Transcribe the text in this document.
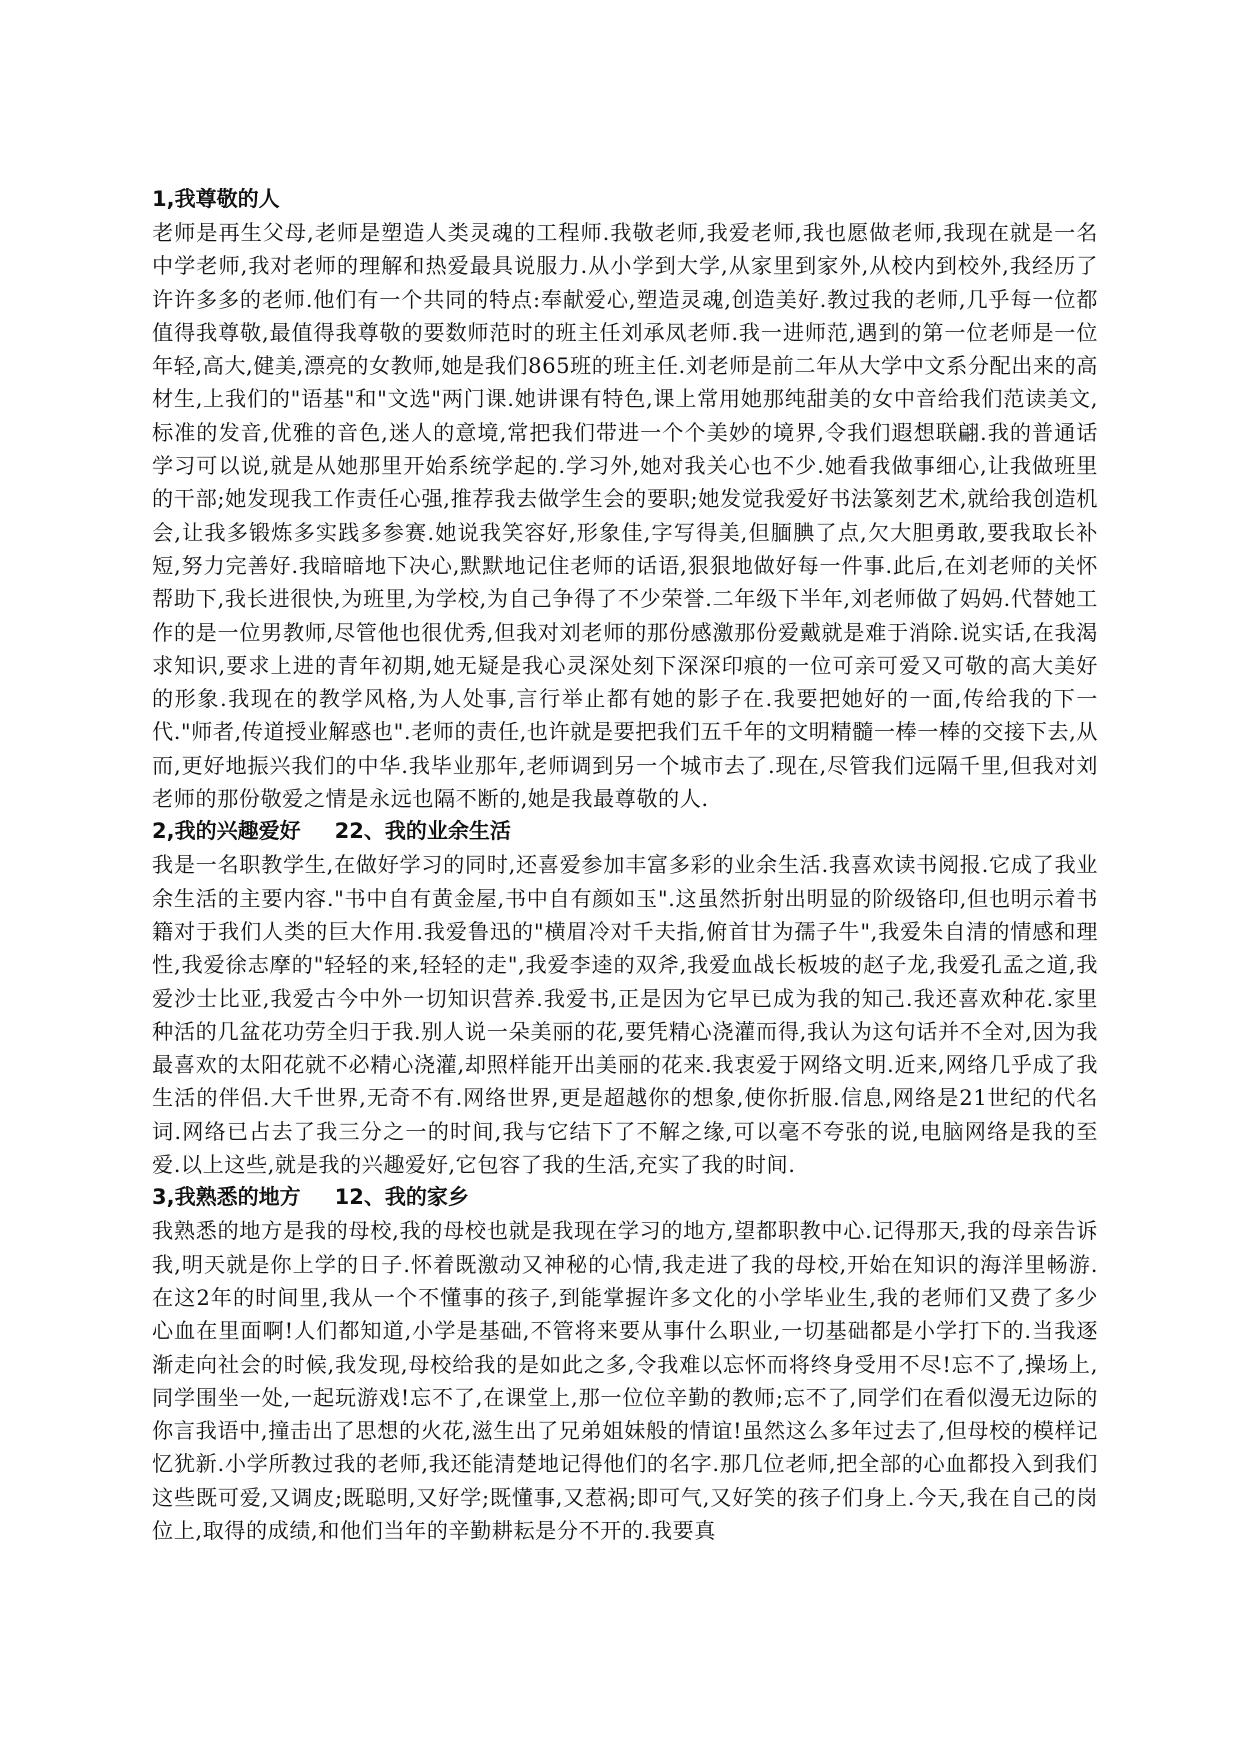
1,我尊敬的人

老师是再生父母,老师是塑造人类灵魂的工程师.我敬老师,我爱老师,我也愿做老师,我现在就是一名中学老师,我对老师的理解和热爱最具说服力.从小学到大学,从家里到家外,从校内到校外,我经历了许许多多的老师.他们有一个共同的特点:奉献爱心,塑造灵魂,创造美好.教过我的老师,几乎每一位都值得我尊敬,最值得我尊敬的要数师范时的班主任刘承凤老师.我一进师范,遇到的第一位老师是一位年轻,高大,健美,漂亮的女教师,她是我们865班的班主任.刘老师是前二年从大学中文系分配出来的高材生,上我们的"语基"和"文选"两门课.她讲课有特色,课上常用她那纯甜美的女中音给我们范读美文,标准的发音,优雅的音色,迷人的意境,常把我们带进一个个美妙的境界,令我们遐想联翩.我的普通话学习可以说,就是从她那里开始系统学起的.学习外,她对我关心也不少.她看我做事细心,让我做班里的干部;她发现我工作责任心强,推荐我去做学生会的要职;她发觉我爱好书法篆刻艺术,就给我创造机会,让我多锻炼多实践多参赛.她说我笑容好,形象佳,字写得美,但腼腆了点,欠大胆勇敢,要我取长补短,努力完善好.我暗暗地下决心,默默地记住老师的话语,狠狠地做好每一件事.此后,在刘老师的关怀帮助下,我长进很快,为班里,为学校,为自己争得了不少荣誉.二年级下半年,刘老师做了妈妈.代替她工作的是一位男教师,尽管他也很优秀,但我对刘老师的那份感激那份爱戴就是难于消除.说实话,在我渴求知识,要求上进的青年初期,她无疑是我心灵深处刻下深深印痕的一位可亲可爱又可敬的高大美好的形象.我现在的教学风格,为人处事,言行举止都有她的影子在.我要把她好的一面,传给我的下一代."师者,传道授业解惑也".老师的责任,也许就是要把我们五千年的文明精髓一棒一棒的交接下去,从而,更好地振兴我们的中华.我毕业那年,老师调到另一个城市去了.现在,尽管我们远隔千里,但我对刘老师的那份敬爱之情是永远也隔不断的,她是我最尊敬的人.

2,我的兴趣爱好 22、我的业余生活

我是一名职教学生,在做好学习的同时,还喜爱参加丰富多彩的业余生活.我喜欢读书阅报.它成了我业余生活的主要内容."书中自有黄金屋,书中自有颜如玉".这虽然折射出明显的阶级铬印,但也明示着书籍对于我们人类的巨大作用.我爱鲁迅的"横眉冷对千夫指,俯首甘为孺子牛",我爱朱自清的情感和理性,我爱徐志摩的"轻轻的来,轻轻的走",我爱李逵的双斧,我爱血战长板坡的赵子龙,我爱孔孟之道,我爱沙士比亚,我爱古今中外一切知识营养.我爱书,正是因为它早已成为我的知己.我还喜欢种花.家里种活的几盆花功劳全归于我.别人说一朵美丽的花,要凭精心浇灌而得,我认为这句话并不全对,因为我最喜欢的太阳花就不必精心浇灌,却照样能开出美丽的花来.我衷爱于网络文明.近来,网络几乎成了我生活的伴侣.大千世界,无奇不有.网络世界,更是超越你的想象,使你折服.信息,网络是21世纪的代名词.网络已占去了我三分之一的时间,我与它结下了不解之缘,可以毫不夸张的说,电脑网络是我的至爱.以上这些,就是我的兴趣爱好,它包容了我的生活,充实了我的时间.

3,我熟悉的地方 12、我的家乡

我熟悉的地方是我的母校,我的母校也就是我现在学习的地方,望都职教中心.记得那天,我的母亲告诉我,明天就是你上学的日子.怀着既激动又神秘的心情,我走进了我的母校,开始在知识的海洋里畅游.在这2年的时间里,我从一个不懂事的孩子,到能掌握许多文化的小学毕业生,我的老师们又费了多少心血在里面啊!人们都知道,小学是基础,不管将来要从事什么职业,一切基础都是小学打下的.当我逐渐走向社会的时候,我发现,母校给我的是如此之多,令我难以忘怀而将终身受用不尽!忘不了,操场上,同学围坐一处,一起玩游戏!忘不了,在课堂上,那一位位辛勤的教师;忘不了,同学们在看似漫无边际的你言我语中,撞击出了思想的火花,滋生出了兄弟姐妹般的情谊!虽然这么多年过去了,但母校的模样记忆犹新.小学所教过我的老师,我还能清楚地记得他们的名字.那几位老师,把全部的心血都投入到我们这些既可爱,又调皮;既聪明,又好学;既懂事,又惹祸;即可气,又好笑的孩子们身上.今天,我在自己的岗位上,取得的成绩,和他们当年的辛勤耕耘是分不开的.我要真
